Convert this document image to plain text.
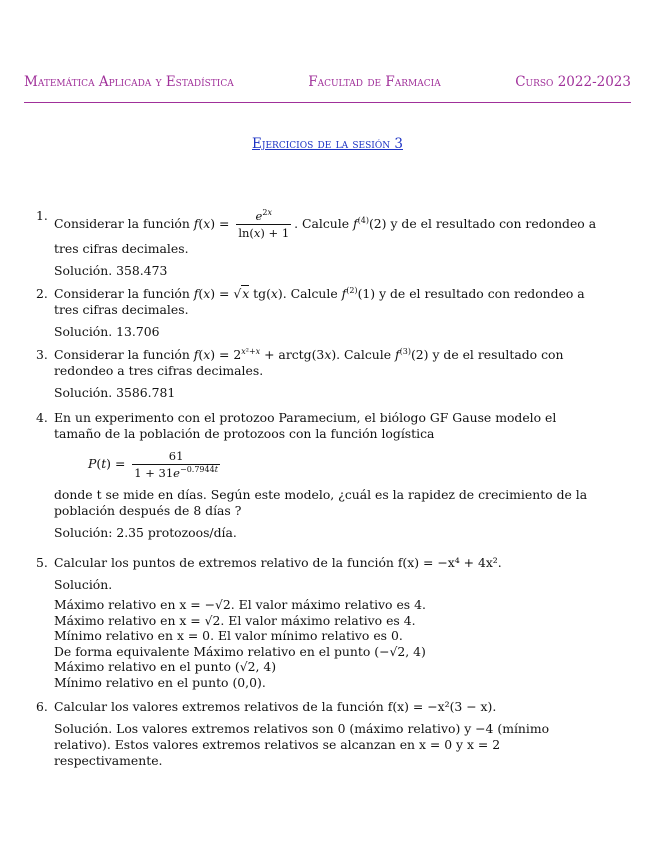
Matemática Aplicada y Estadística	Facultad de Farmacia	Curso 2022-2023
Ejercicios de la sesión 3
1.
Considerar la función $f(x) = \frac{e^{2x}}{\ln(x) + 1}$ . Calcule $f^{(4)}(2)$ y de el resultado con redondeo a tres cifras decimales.
Solución. 358.473
2. Considerar la función f(x) = √x tg(x). Calcule $f^{(2)}(1)$ y de el resultado con redondeo a tres cifras decimales.
Solución. 13.706
3. Considerar la función $f(x) = 2^{x^2+x}$ + arctg(3x). Calcule $f^{(3)}(2)$ y de el resultado con redondeo a tres cifras decimales.
Solución. 3586.781
4. En un experimento con el protozoo Paramecium, el biólogo GF Gause modelo el tamaño de la población de protozoos con la función logística
$P(t) = \frac{61}{1 + 31e^{-0.7944t}}$
donde t se mide en días. Según este modelo, ¿cuál es la rapidez de crecimiento de la población después de 8 días ?
Solución: 2.35 protozoos/día.
5. Calcular los puntos de extremos relativo de la función f(x) = −x⁴ + 4x².
Solución.
Máximo relativo en x = −√2. El valor máximo relativo es 4.
Máximo relativo en x = √2. El valor máximo relativo es 4.
Mínimo relativo en x = 0. El valor mínimo relativo es 0.
De forma equivalente Máximo relativo en el punto (−√2, 4)
Máximo relativo en el punto (√2, 4)
Mínimo relativo en el punto (0,0).
6. Calcular los valores extremos relativos de la función f(x) = −x²(3 − x).
Solución. Los valores extremos relativos son 0 (máximo relativo) y −4 (mínimo relativo). Estos valores extremos relativos se alcanzan en x = 0 y x = 2 respectivamente.
